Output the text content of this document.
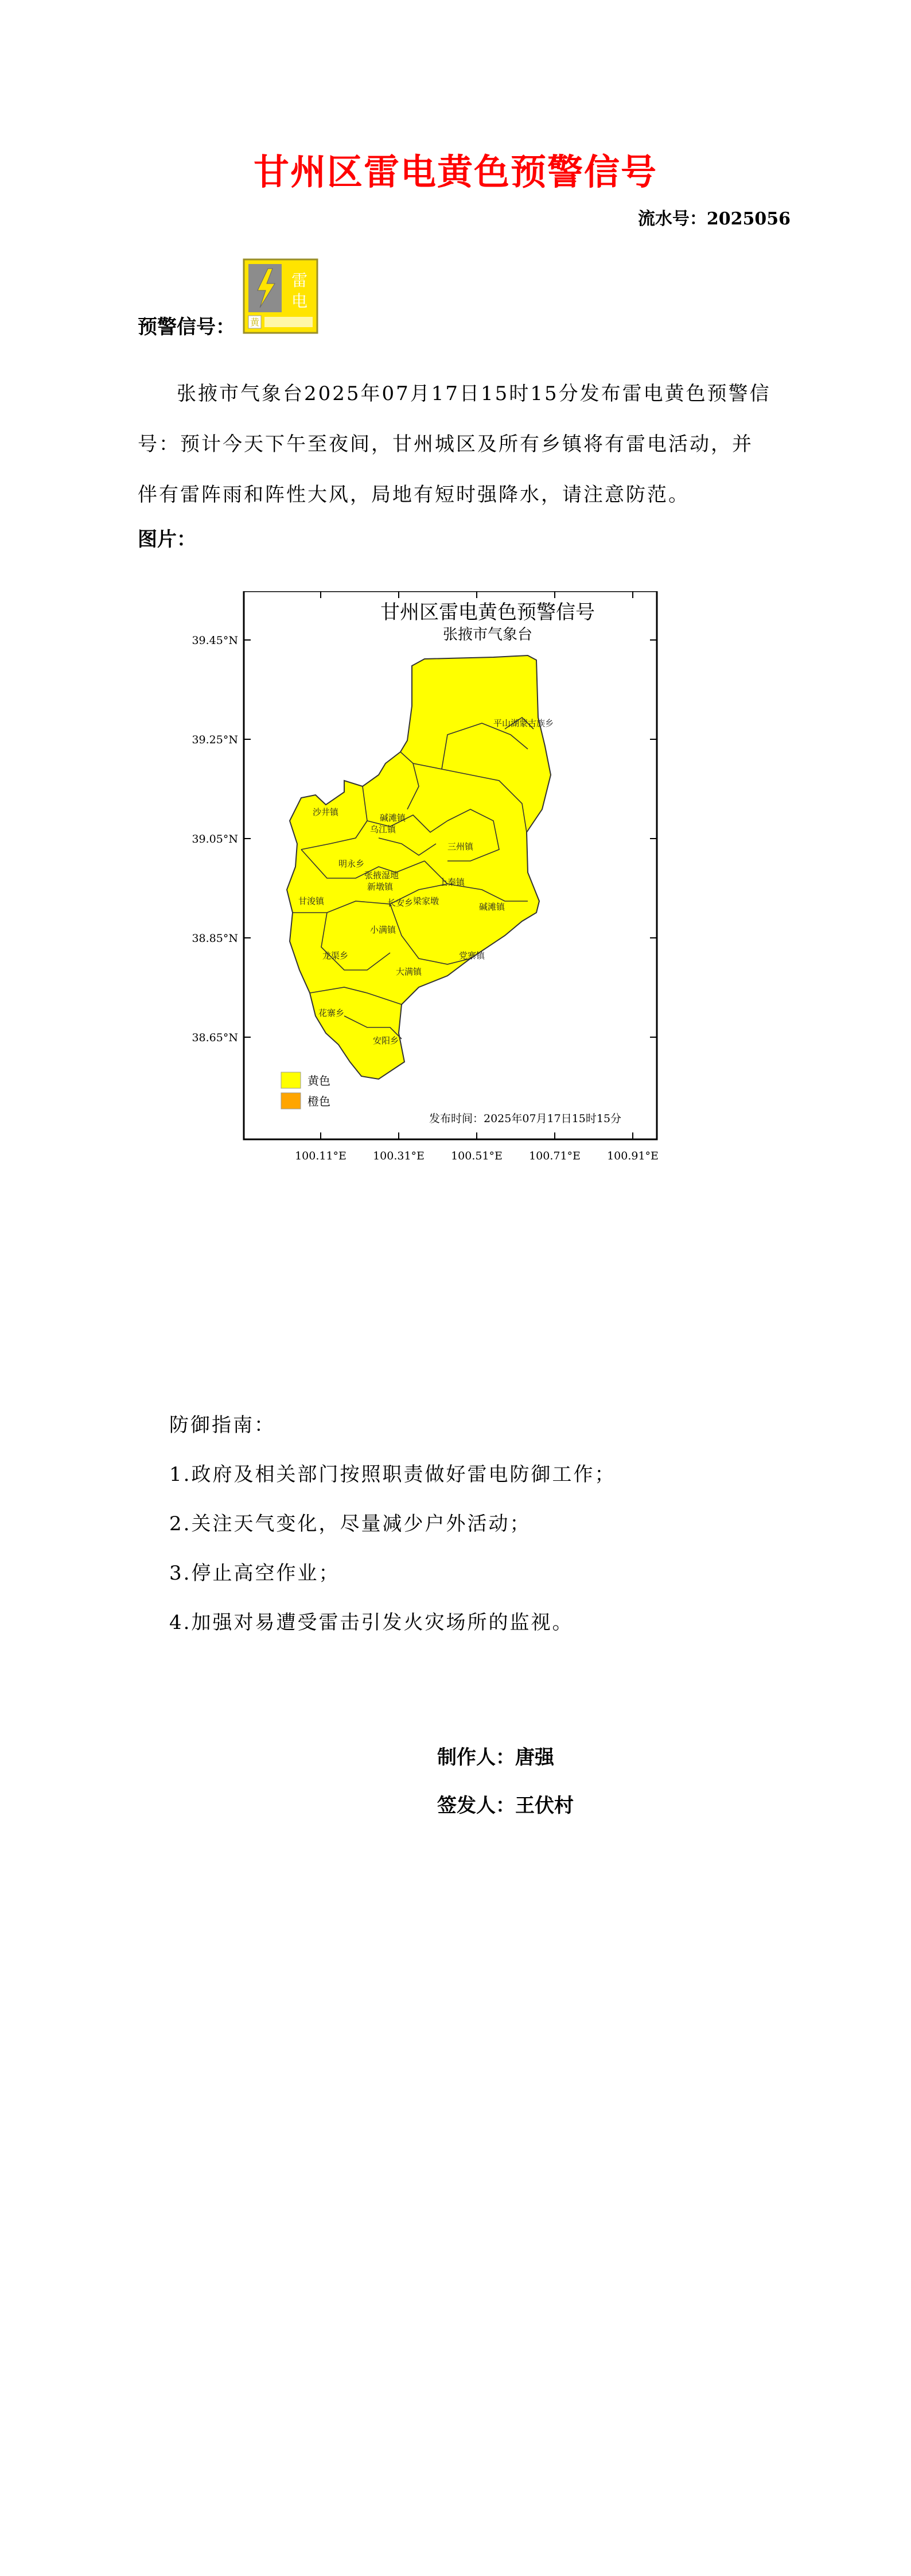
甘州区雷电黄色预警信号
流水号：2025056
预警信号：
雷
电
黄

张掖市气象台2025年07月17日15时15分发布雷电黄色预警信号：预计今天下午至夜间，甘州城区及所有乡镇将有雷电活动，并伴有雷阵雨和阵性大风，局地有短时强降水，请注意防范。

图片：
39.45°N
39.25°N
39.05°N
38.85°N
38.65°N
100.11°E 100.31°E 100.51°E 100.71°E 100.91°E
甘州区雷电黄色预警信号
张掖市气象台
平山湖蒙古族乡
沙井镇
碱滩镇
乌江镇
三州镇
明永乡
张掖湿地
新墩镇	上秦镇
长安乡 梁家墩
碱滩镇
小满镇
甘浚镇
党寨镇
龙渠乡
大满镇
花寨乡
安阳乡
黄色
橙色
发布时间：2025年07月17日15时15分
防御指南：
1.政府及相关部门按照职责做好雷电防御工作；
2.关注天气变化，尽量减少户外活动；
3.停止高空作业；
4.加强对易遭受雷击引发火灾场所的监视。
制作人：唐强
签发人：王伏村
